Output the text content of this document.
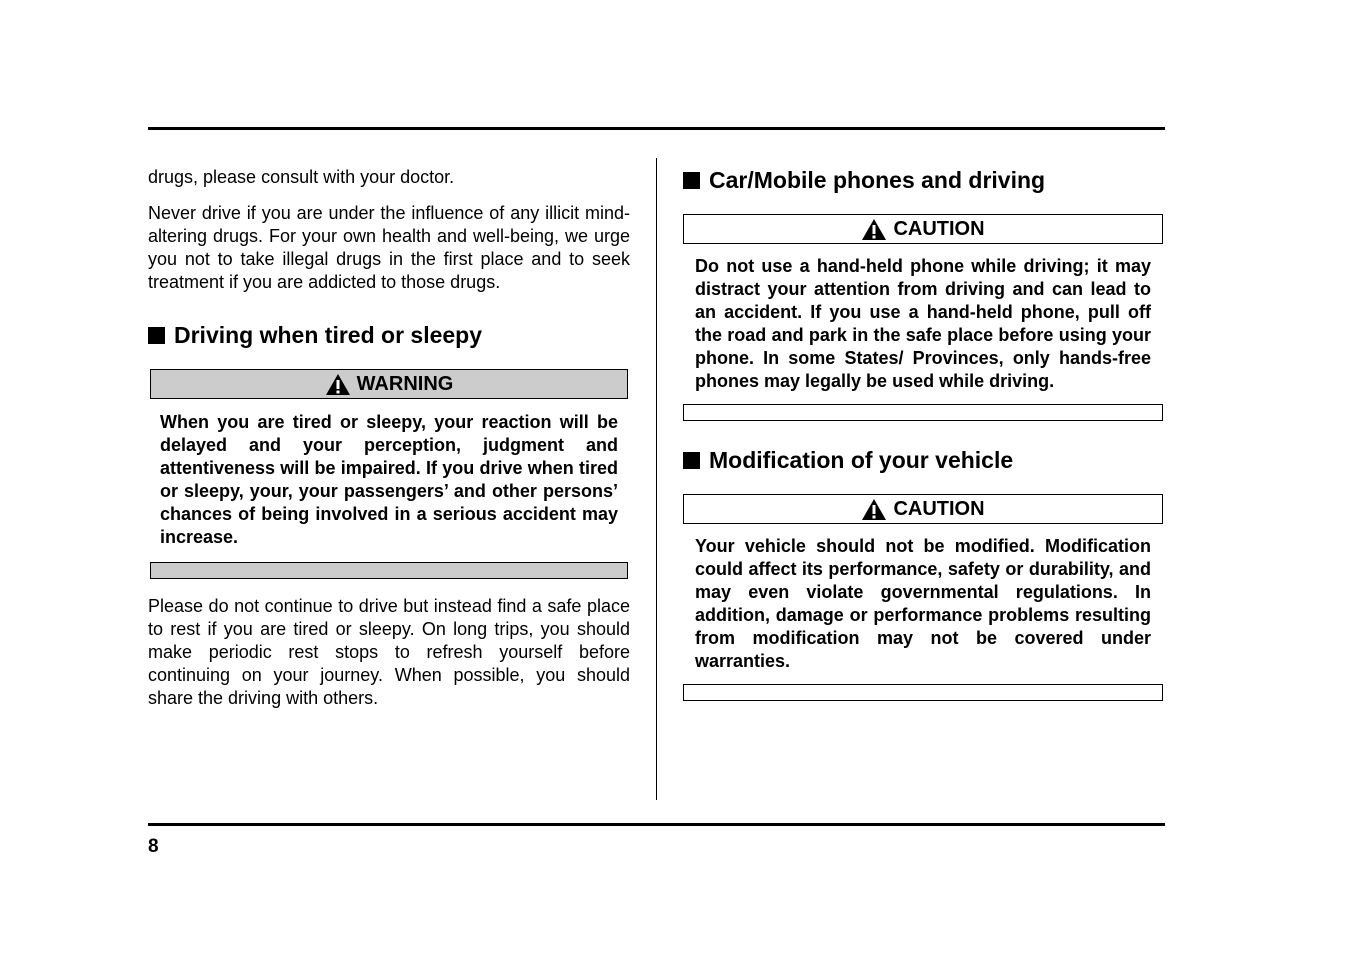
drugs, please consult with your doctor.

Never drive if you are under the influence of any illicit mind-altering drugs. For your own health and well-being, we urge you not to take illegal drugs in the first place and to seek treatment if you are addicted to those drugs.

Driving when tired or sleepy
WARNING

When you are tired or sleepy, your reaction will be delayed and your perception, judgment and attentiveness will be impaired. If you drive when tired or sleepy, your, your passengers’ and other persons’ chances of being involved in a serious accident may increase.

Please do not continue to drive but instead find a safe place to rest if you are tired or sleepy. On long trips, you should make periodic rest stops to refresh yourself before continuing on your journey. When possible, you should share the driving with others.

Car/Mobile phones and driving
CAUTION

Do not use a hand-held phone while driving; it may distract your attention from driving and can lead to an accident. If you use a hand-held phone, pull off the road and park in the safe place before using your phone. In some States/ Provinces, only hands-free phones may legally be used while driving.

Modification of your vehicle
CAUTION

Your vehicle should not be modified. Modification could affect its performance, safety or durability, and may even violate governmental regulations. In addition, damage or performance problems resulting from modification may not be covered under warranties.

8
